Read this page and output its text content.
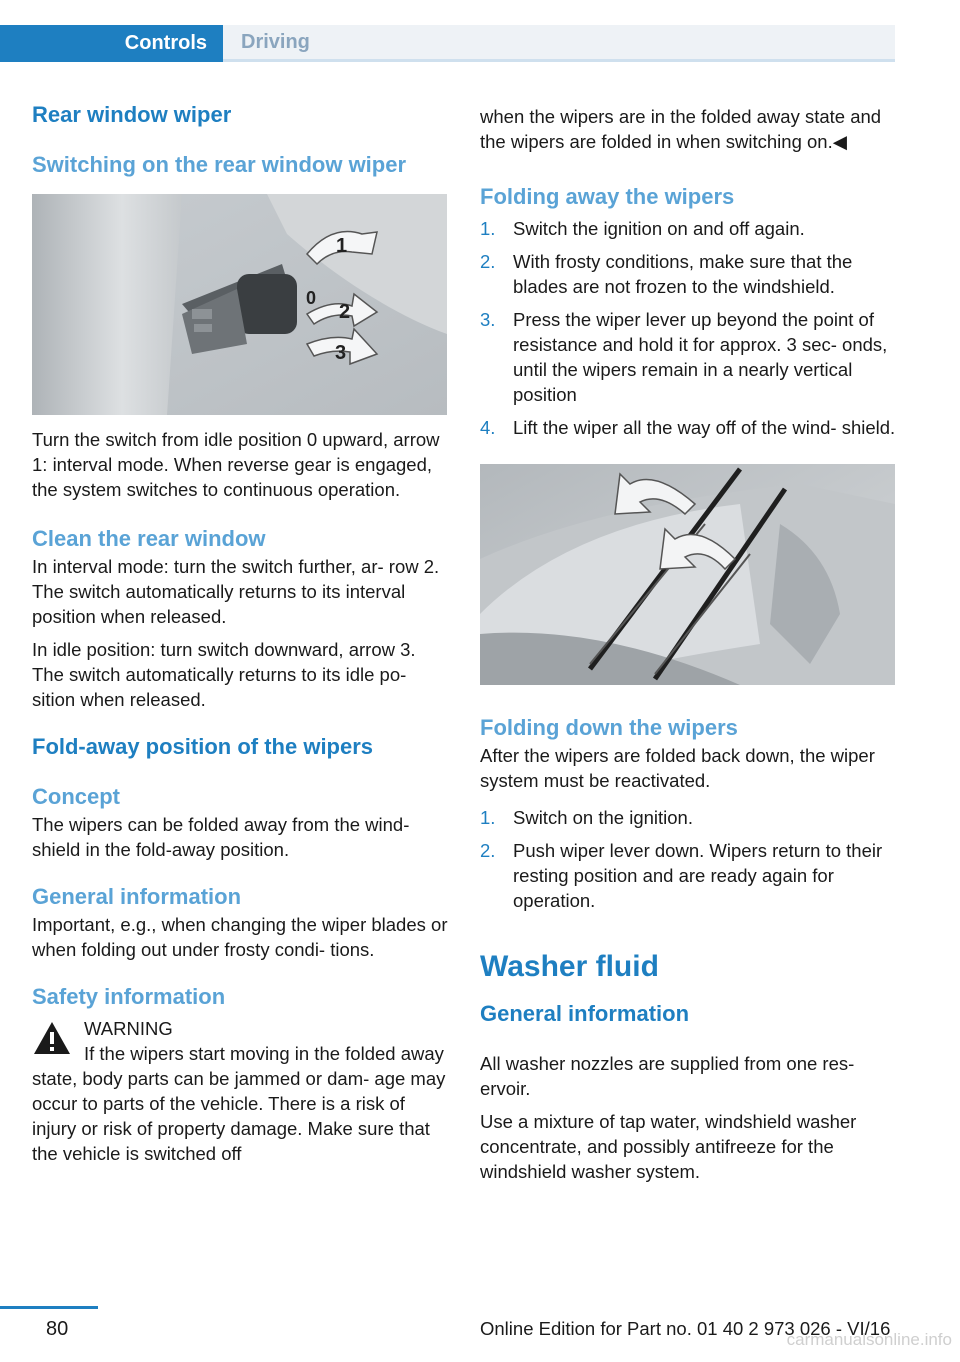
Controls	Driving
Rear window wiper
Switching on the rear window wiper
1
0
2
3

Turn the switch from idle position 0 upward, arrow 1: interval mode. When reverse gear is engaged, the system switches to continuous operation.

Clean the rear window

In interval mode: turn the switch further, ar‐ row 2. The switch automatically returns to its interval position when released.

In idle position: turn switch downward, arrow 3. The switch automatically returns to its idle po‐ sition when released.

Fold-away position of the wipers
Concept

The wipers can be folded away from the wind‐ shield in the fold-away position.

General information

Important, e.g., when changing the wiper blades or when folding out under frosty condi‐ tions.

Safety information

WARNING

If the wipers start moving in the folded away state, body parts can be jammed or dam‐ age may occur to parts of the vehicle. There is a risk of injury or risk of property damage. Make sure that the vehicle is switched off

when the wipers are in the folded away state and the wipers are folded in when switching on.◀

Folding away the wipers
1. Switch the ignition on and off again.
2. With frosty conditions, make sure that the blades are not frozen to the windshield.
3. Press the wiper lever up beyond the point of resistance and hold it for approx. 3 sec‐ onds, until the wipers remain in a nearly vertical position
4. Lift the wiper all the way off of the wind‐ shield.
Folding down the wipers

After the wipers are folded back down, the wiper system must be reactivated.

1. Switch on the ignition.
2. Push wiper lever down. Wipers return to their resting position and are ready again for operation.
Washer fluid
General information

All washer nozzles are supplied from one res‐ ervoir.

Use a mixture of tap water, windshield washer concentrate, and possibly antifreeze for the windshield washer system.

80	Online Edition for Part no. 01 40 2 973 026 - VI/16
carmanualsonline.info
